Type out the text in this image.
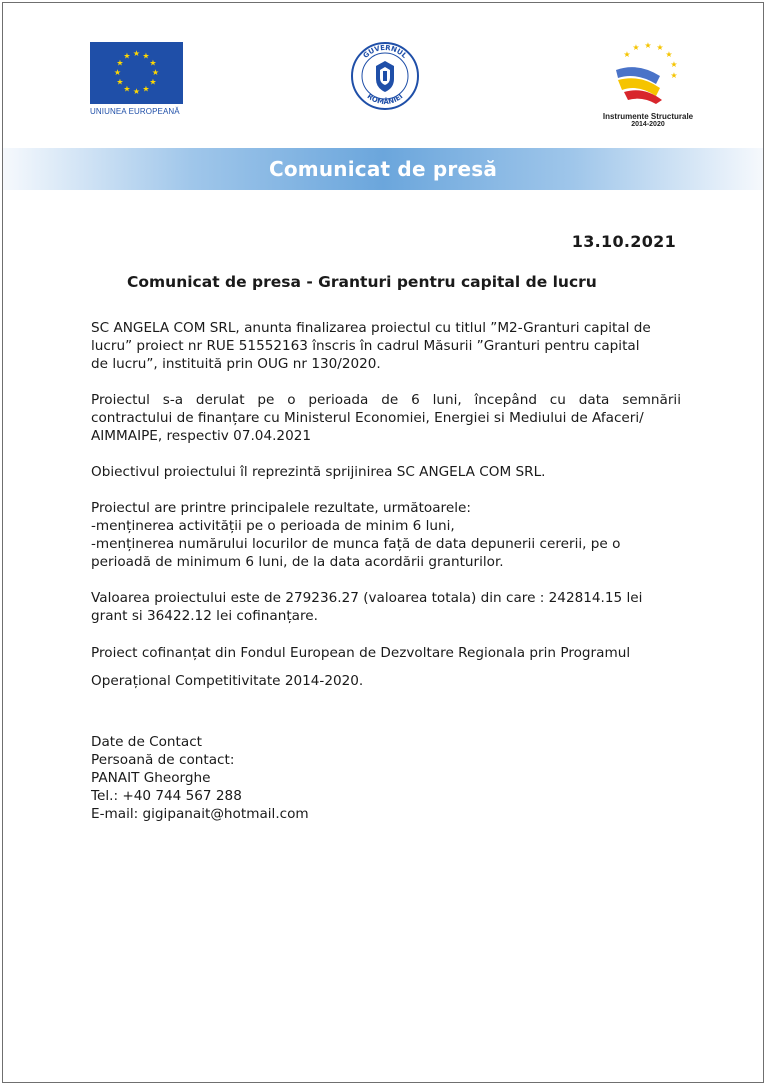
★ ★
★
★
★
★
★
★
★
★
★
★
UNIUNEA EUROPEANĂ
GUVERNUL
ROMÂNIEI
★ ★
★
★
★
★
★
Instrumente Structurale
2014-2020
Comunicat de presă
13.10.2021
Comunicat de presa - Granturi pentru capital de lucru

SC ANGELA COM SRL, anunta finalizarea proiectul cu titlul ”M2-Granturi capital de
lucru” proiect nr RUE 51552163 înscris în cadrul Măsurii ”Granturi pentru capital
de lucru”, instituită prin OUG nr 130/2020.

Proiectul s-a derulat pe o perioada de 6 luni, începând cu data semnării
contractului de finanțare cu Ministerul Economiei, Energiei si Mediului de Afaceri/
AIMMAIPE, respectiv 07.04.2021

Obiectivul proiectului îl reprezintă sprijinirea SC ANGELA COM SRL.

Proiectul are printre principalele rezultate, următoarele:
-menținerea activității pe o perioada de minim 6 luni,
-menținerea numărului locurilor de munca față de data depunerii cererii, pe o
perioadă de minimum 6 luni, de la data acordării granturilor.

Valoarea proiectului este de 279236.27 (valoarea totala) din care : 242814.15 lei
grant si 36422.12 lei cofinanțare.

Proiect cofinanțat din Fondul European de Dezvoltare Regionala prin Programul
Operațional Competitivitate 2014-2020.

Date de Contact
Persoană de contact:
PANAIT Gheorghe
Tel.: +40 744 567 288
E-mail: gigipanait@hotmail.com
